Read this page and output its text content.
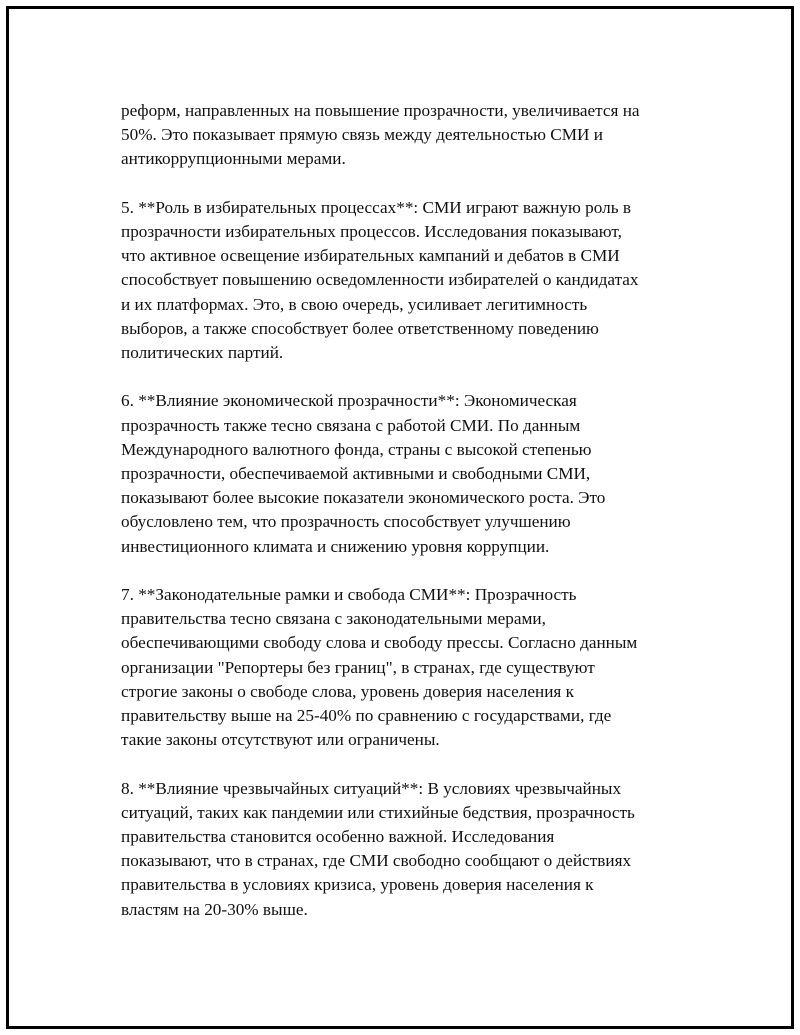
реформ, направленных на повышение прозрачности, увеличивается на
50%. Это показывает прямую связь между деятельностью СМИ и
антикоррупционными мерами.

5. **Роль в избирательных процессах**: СМИ играют важную роль в
прозрачности избирательных процессов. Исследования показывают,
что активное освещение избирательных кампаний и дебатов в СМИ
способствует повышению осведомленности избирателей о кандидатах
и их платформах. Это, в свою очередь, усиливает легитимность
выборов, а также способствует более ответственному поведению
политических партий.

6. **Влияние экономической прозрачности**: Экономическая
прозрачность также тесно связана с работой СМИ. По данным
Международного валютного фонда, страны с высокой степенью
прозрачности, обеспечиваемой активными и свободными СМИ,
показывают более высокие показатели экономического роста. Это
обусловлено тем, что прозрачность способствует улучшению
инвестиционного климата и снижению уровня коррупции.

7. **Законодательные рамки и свобода СМИ**: Прозрачность
правительства тесно связана с законодательными мерами,
обеспечивающими свободу слова и свободу прессы. Согласно данным
организации "Репортеры без границ", в странах, где существуют
строгие законы о свободе слова, уровень доверия населения к
правительству выше на 25-40% по сравнению с государствами, где
такие законы отсутствуют или ограничены.

8. **Влияние чрезвычайных ситуаций**: В условиях чрезвычайных
ситуаций, таких как пандемии или стихийные бедствия, прозрачность
правительства становится особенно важной. Исследования
показывают, что в странах, где СМИ свободно сообщают о действиях
правительства в условиях кризиса, уровень доверия населения к
властям на 20-30% выше.
